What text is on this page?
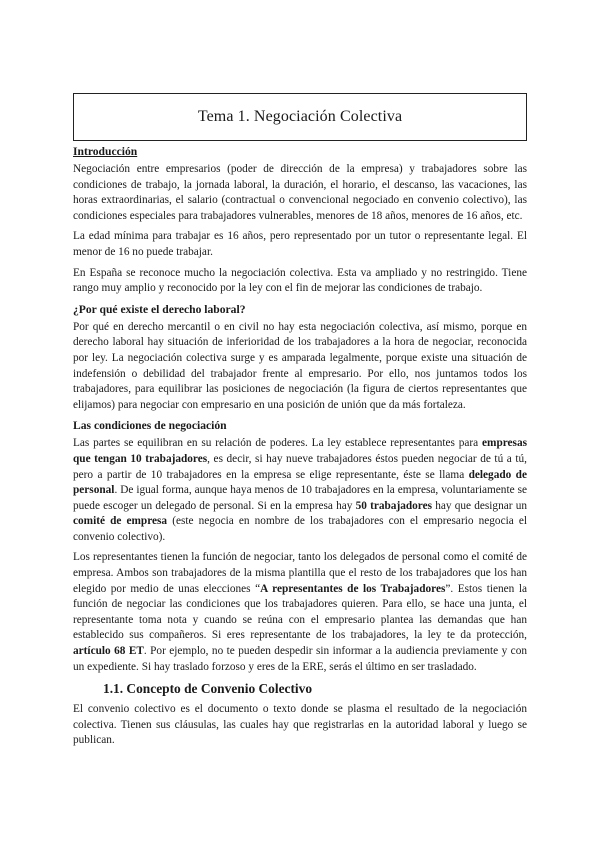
Tema 1. Negociación Colectiva
Introducción

Negociación entre empresarios (poder de dirección de la empresa) y trabajadores sobre las condiciones de trabajo, la jornada laboral, la duración, el horario, el descanso, las vacaciones, las horas extraordinarias, el salario (contractual o convencional negociado en convenio colectivo), las condiciones especiales para trabajadores vulnerables, menores de 18 años, menores de 16 años, etc.

La edad mínima para trabajar es 16 años, pero representado por un tutor o representante legal. El menor de 16 no puede trabajar.

En España se reconoce mucho la negociación colectiva. Esta va ampliado y no restringido. Tiene rango muy amplio y reconocido por la ley con el fin de mejorar las condiciones de trabajo.

¿Por qué existe el derecho laboral?

Por qué en derecho mercantil o en civil no hay esta negociación colectiva, así mismo, porque en derecho laboral hay situación de inferioridad de los trabajadores a la hora de negociar, reconocida por ley. La negociación colectiva surge y es amparada legalmente, porque existe una situación de indefensión o debilidad del trabajador frente al empresario. Por ello, nos juntamos todos los trabajadores, para equilibrar las posiciones de negociación (la figura de ciertos representantes que elijamos) para negociar con empresario en una posición de unión que da más fortaleza.

Las condiciones de negociación

Las partes se equilibran en su relación de poderes. La ley establece representantes para empresas que tengan 10 trabajadores, es decir, si hay nueve trabajadores éstos pueden negociar de tú a tú, pero a partir de 10 trabajadores en la empresa se elige representante, éste se llama delegado de personal. De igual forma, aunque haya menos de 10 trabajadores en la empresa, voluntariamente se puede escoger un delegado de personal. Si en la empresa hay 50 trabajadores hay que designar un comité de empresa (este negocia en nombre de los trabajadores con el empresario negocia el convenio colectivo).

Los representantes tienen la función de negociar, tanto los delegados de personal como el comité de empresa. Ambos son trabajadores de la misma plantilla que el resto de los trabajadores que los han elegido por medio de unas elecciones “A representantes de los Trabajadores”. Estos tienen la función de negociar las condiciones que los trabajadores quieren. Para ello, se hace una junta, el representante toma nota y cuando se reúna con el empresario plantea las demandas que han establecido sus compañeros. Si eres representante de los trabajadores, la ley te da protección, artículo 68 ET. Por ejemplo, no te pueden despedir sin informar a la audiencia previamente y con un expediente. Si hay traslado forzoso y eres de la ERE, serás el último en ser trasladado.

1.1. Concepto de Convenio Colectivo

El convenio colectivo es el documento o texto donde se plasma el resultado de la negociación colectiva. Tienen sus cláusulas, las cuales hay que registrarlas en la autoridad laboral y luego se publican.
